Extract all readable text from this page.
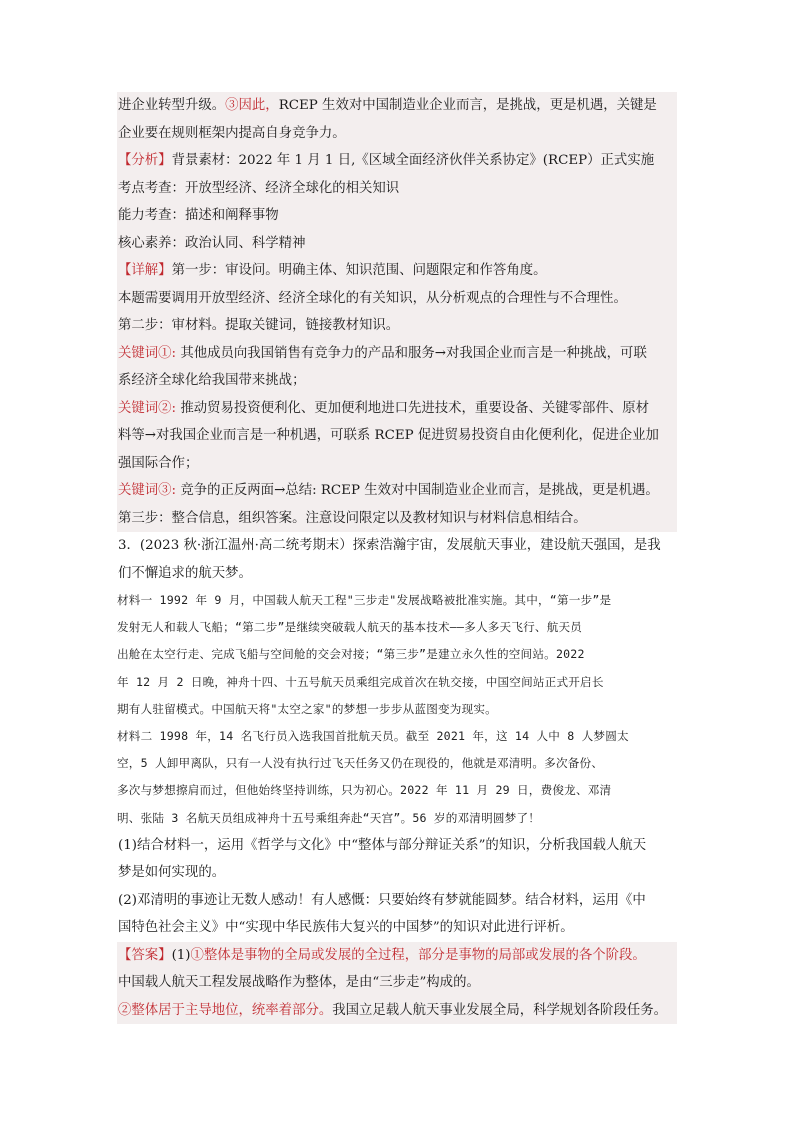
进企业转型升级。③因此，RCEP 生效对中国制造业企业而言，是挑战，更是机遇，关键是
企业要在规则框架内提高自身竞争力。
【分析】背景素材：2022 年 1 月 1 日,《区域全面经济伙伴关系协定》(RCEP）正式实施
考点考查：开放型经济、经济全球化的相关知识
能力考查：描述和阐释事物
核心素养：政治认同、科学精神
【详解】第一步：审设问。明确主体、知识范围、问题限定和作答角度。
本题需要调用开放型经济、经济全球化的有关知识，从分析观点的合理性与不合理性。
第二步：审材料。提取关键词，链接教材知识。
关键词①: 其他成员向我国销售有竞争力的产品和服务→对我国企业而言是一种挑战，可联
系经济全球化给我国带来挑战；
关键词②: 推动贸易投资便利化、更加便利地进口先进技术，重要设备、关键零部件、原材
料等→对我国企业而言是一种机遇，可联系 RCEP 促进贸易投资自由化便利化，促进企业加
强国际合作；
关键词③: 竞争的正反两面→总结: RCEP 生效对中国制造业企业而言，是挑战，更是机遇。
第三步：整合信息，组织答案。注意设问限定以及教材知识与材料信息相结合。
3．(2023 秋·浙江温州·高二统考期末）探索浩瀚宇宙，发展航天事业，建设航天强国，是我
们不懈追求的航天梦。
材料一 1992 年 9 月，中国载人航天工程"三步走"发展战略被批准实施。其中，“第一步”是
发射无人和载人飞船；“第二步”是继续突破载人航天的基本技术——多人多天飞行、航天员
出舱在太空行走、完成飞船与空间舱的交会对接；“第三步”是建立永久性的空间站。2022
年 12 月 2 日晚，神舟十四、十五号航天员乘组完成首次在轨交接，中国空间站正式开启长
期有人驻留模式。中国航天将"太空之家"的梦想一步步从蓝图变为现实。
材料二 1998 年，14 名飞行员入选我国首批航天员。截至 2021 年，这 14 人中 8 人梦圆太
空，5 人卸甲离队，只有一人没有执行过飞天任务又仍在现役的，他就是邓清明。多次备份、
多次与梦想擦肩而过，但他始终坚持训练，只为初心。2022 年 11 月 29 日，费俊龙、邓清
明、张陆 3 名航天员组成神舟十五号乘组奔赴“天宫”。56 岁的邓清明圆梦了！
(1)结合材料一，运用《哲学与文化》中“整体与部分辩证关系”的知识，分析我国载人航天
梦是如何实现的。
(2)邓清明的事迹让无数人感动！有人感慨：只要始终有梦就能圆梦。结合材料，运用《中
国特色社会主义》中“实现中华民族伟大复兴的中国梦”的知识对此进行评析。
【答案】(1)①整体是事物的全局或发展的全过程，部分是事物的局部或发展的各个阶段。
中国载人航天工程发展战略作为整体，是由“三步走”构成的。
②整体居于主导地位，统率着部分。我国立足载人航天事业发展全局，科学规划各阶段任务。
